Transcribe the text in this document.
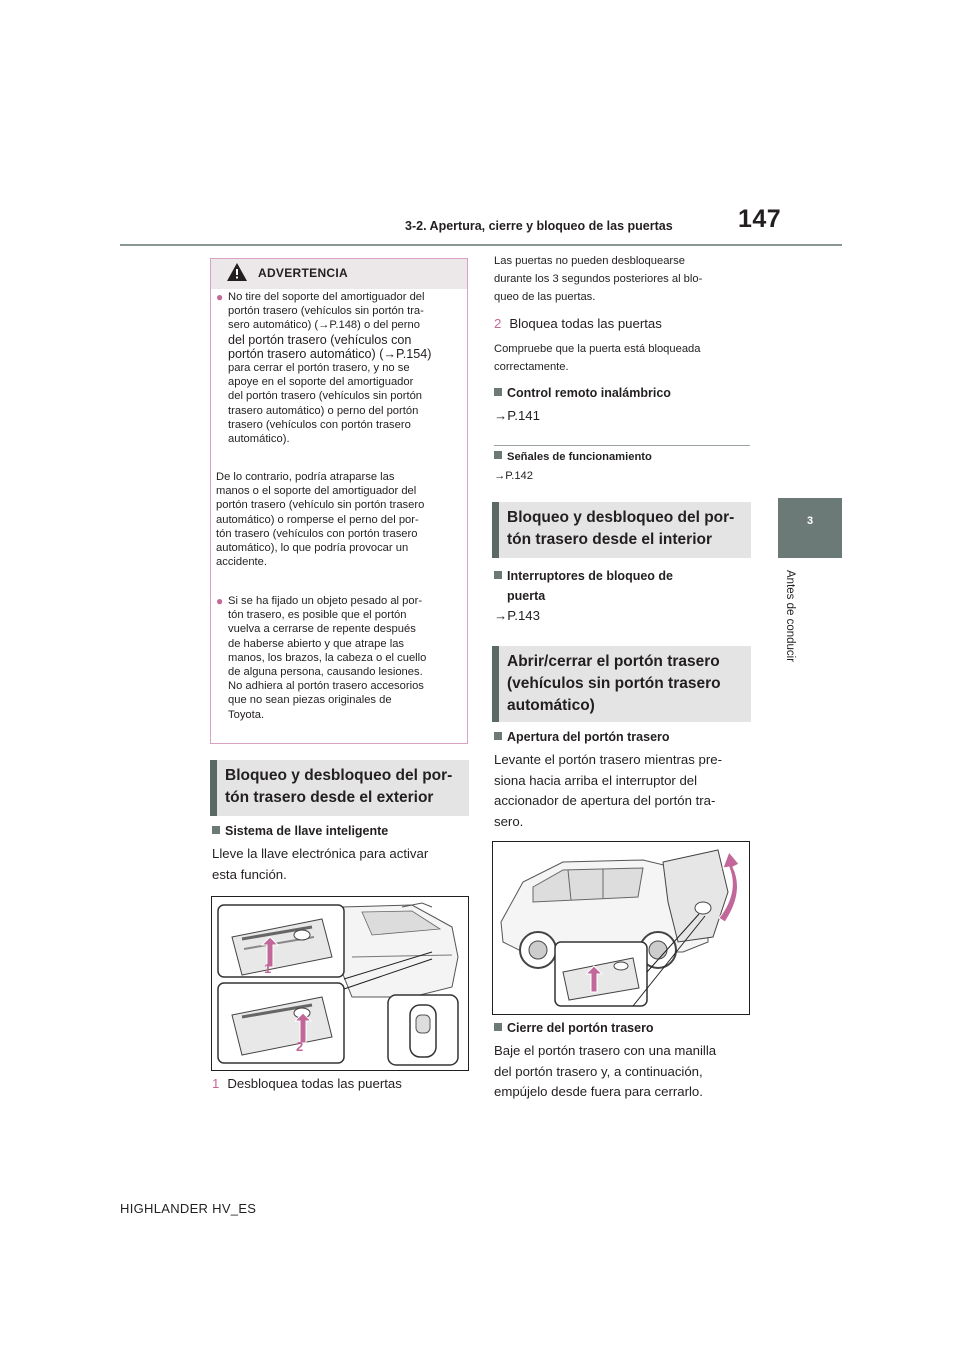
3-2. Apertura, cierre y bloqueo de las puertas	147
3
Antes de conducir
ADVERTENCIA
● No tire del soporte del amortiguador del
portón trasero (vehículos sin portón tra-
sero automático) (→P.148) o del perno
del portón trasero (vehículos con
portón trasero automático) (→P.154)
para cerrar el portón trasero, y no se
apoye en el soporte del amortiguador
del portón trasero (vehículos sin portón
trasero automático) o perno del portón
trasero (vehículos con portón trasero
automático).
De lo contrario, podría atraparse las
manos o el soporte del amortiguador del
portón trasero (vehículo sin portón trasero
automático) o romperse el perno del por-
tón trasero (vehículos con portón trasero
automático), lo que podría provocar un
accidente.
● Si se ha fijado un objeto pesado al por-
tón trasero, es posible que el portón
vuelva a cerrarse de repente después
de haberse abierto y que atrape las
manos, los brazos, la cabeza o el cuello
de alguna persona, causando lesiones.
No adhiera al portón trasero accesorios
que no sean piezas originales de
Toyota.
Bloqueo y desbloqueo del por-
tón trasero desde el exterior
Sistema de llave inteligente
Lleve la llave electrónica para activar
esta función.
1
2
1 Desbloquea todas las puertas
Las puertas no pueden desbloquearse
durante los 3 segundos posteriores al blo-
queo de las puertas.
2 Bloquea todas las puertas
Compruebe que la puerta está bloqueada
correctamente.
Control remoto inalámbrico
→P.141
Señales de funcionamiento
→P.142
Bloqueo y desbloqueo del por-
tón trasero desde el interior
Interruptores de bloqueo de
puerta
→P.143
Abrir/cerrar el portón trasero
(vehículos sin portón trasero
automático)
Apertura del portón trasero
Levante el portón trasero mientras pre-
siona hacia arriba el interruptor del
accionador de apertura del portón tra-
sero.
Cierre del portón trasero
Baje el portón trasero con una manilla
del portón trasero y, a continuación,
empújelo desde fuera para cerrarlo.
HIGHLANDER HV_ES
